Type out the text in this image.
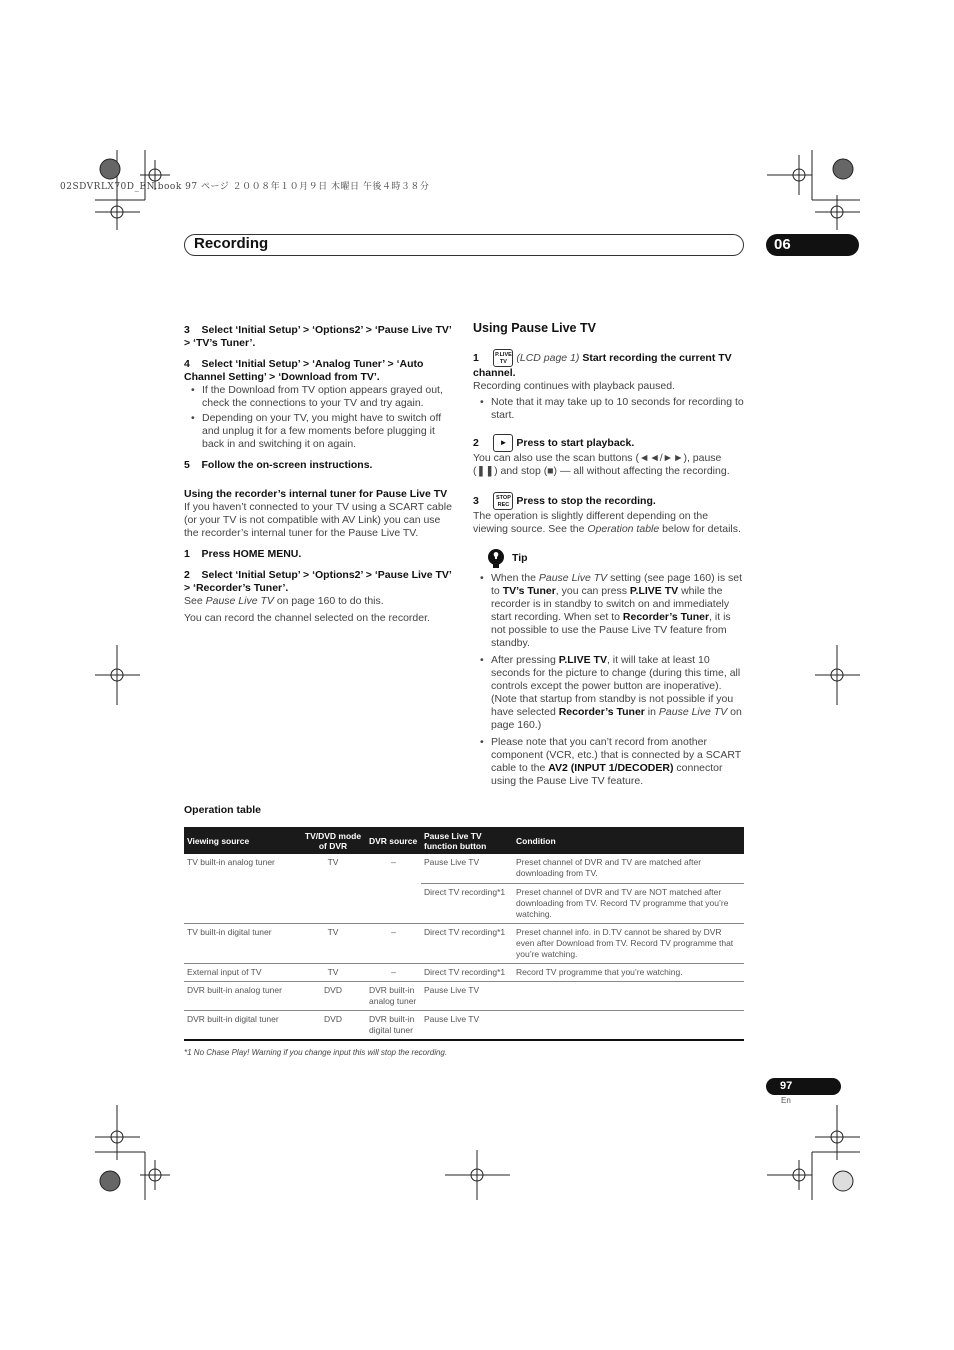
02SDVRLX70D_EN.book 97 ページ ２００８年１０月９日 木曜日 午後４時３８分
Recording	06

3 Select ‘Initial Setup’ > ‘Options2’ > ‘Pause Live TV’ > ‘TV’s Tuner’.

4 Select ‘Initial Setup’ > ‘Analog Tuner’ > ‘Auto Channel Setting’ > ‘Download from TV’.

• If the Download from TV option appears grayed out, check the connections to your TV and try again.

• Depending on your TV, you might have to switch off and unplug it for a few moments before plugging it back in and switching it on again.

5 Follow the on-screen instructions.

Using the recorder’s internal tuner for Pause Live TV

If you haven’t connected to your TV using a SCART cable (or your TV is not compatible with AV Link) you can use the recorder’s internal tuner for the Pause Live TV.

1 Press HOME MENU.

2 Select ‘Initial Setup’ > ‘Options2’ > ‘Pause Live TV’ > ‘Recorder’s Tuner’.

See Pause Live TV on page 160 to do this.

You can record the channel selected on the recorder.

Using Pause Live TV

1	P.LIVE TV (LCD page 1) Start recording the current TV channel.

Recording continues with playback paused.

• Note that it may take up to 10 seconds for recording to start.

2	► Press to start playback.

You can also use the scan buttons (◄◄/►►), pause (❚❚) and stop (■) — all without affecting the recording.

3	STOP REC Press to stop the recording.

The operation is slightly different depending on the viewing source. See the Operation table below for details.

Tip

• When the Pause Live TV setting (see page 160) is set to TV’s Tuner, you can press P.LIVE TV while the recorder is in standby to switch on and immediately start recording. When set to Recorder’s Tuner, it is not possible to use the Pause Live TV feature from standby.

• After pressing P.LIVE TV, it will take at least 10 seconds for the picture to change (during this time, all controls except the power button are inoperative). (Note that startup from standby is not possible if you have selected Recorder’s Tuner in Pause Live TV on page 160.)

• Please note that you can’t record from another component (VCR, etc.) that is connected by a SCART cable to the AV2 (INPUT 1/DECODER) connector using the Pause Live TV feature.

Operation table
Viewing source	TV/DVD mode of DVR	DVR source	Pause Live TV function button	Condition
TV built-in analog tuner	TV	–	Pause Live TV	Preset channel of DVR and TV are matched after downloading from TV.
			Direct TV recording*1	Preset channel of DVR and TV are NOT matched after downloading from TV. Record TV programme that you’re watching.
TV built-in digital tuner	TV	–	Direct TV recording*1	Preset channel info. in D.TV cannot be shared by DVR even after Download from TV. Record TV programme that you’re watching.
External input of TV	TV	–	Direct TV recording*1	Record TV programme that you’re watching.
DVR built-in analog tuner	DVD	DVR built-in analog tuner	Pause Live TV	
DVR built-in digital tuner	DVD	DVR built-in digital tuner	Pause Live TV	
*1 No Chase Play! Warning if you change input this will stop the recording.
97
En
